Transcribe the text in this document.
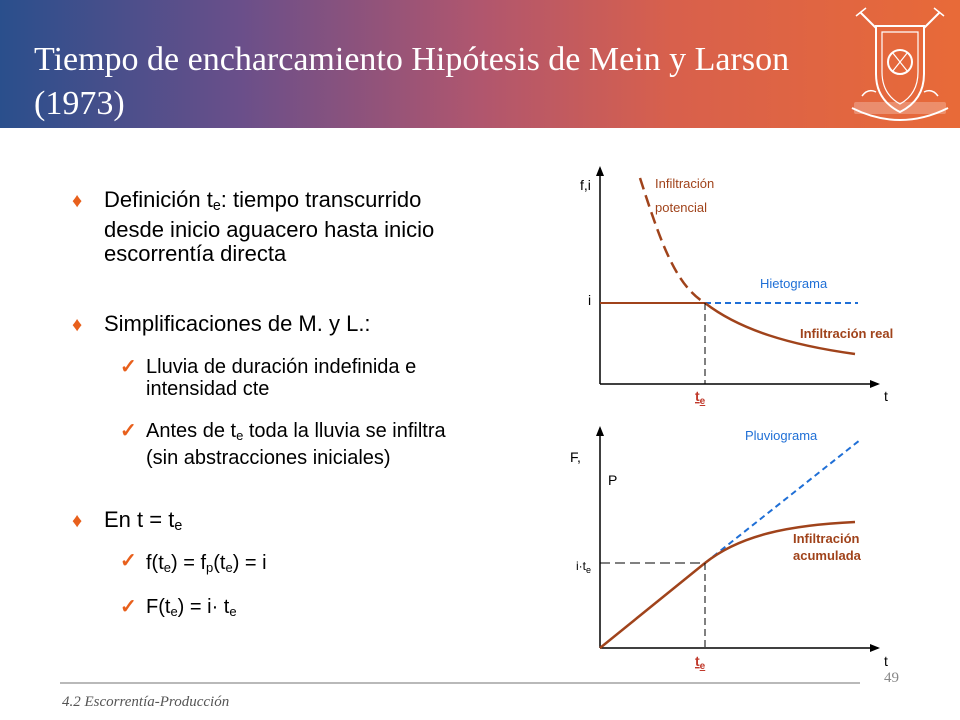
Tiempo de encharcamiento Hipótesis de Mein y Larson (1973)
♦ Definición $t_e$: tiempo transcurrido
desde inicio aguacero hasta inicio
escorrentía directa
♦ Simplificaciones de M. y L.:
✓ Lluvia de duración indefinida e
intensidad cte
✓ Antes de $t_e$ toda la lluvia se infiltra
(sin abstracciones iniciales)
♦ En $t = t_e$
✓ $f(t_e) = f_p(t_e) = i$
✓ $F(t_e) = i\cdot t_e$
f,i
i
t
Infiltración
potencial
Hietograma
Infiltración real
$t_e$
F,
P
$i\cdot t_e$
t
Pluviograma
Infiltración
acumulada
$t_e$
49
4.2 Escorrentía-Producción
